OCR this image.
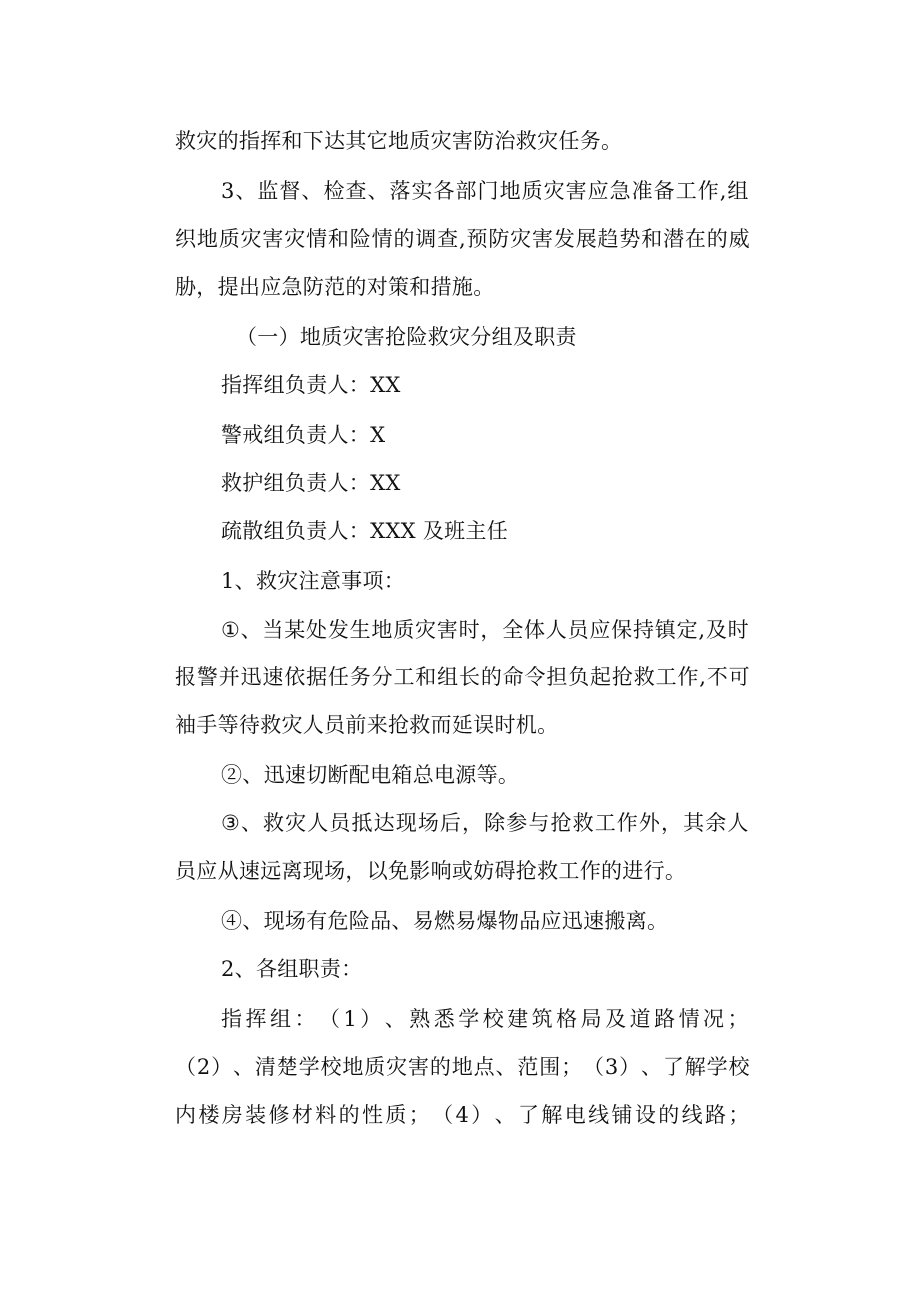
救灾的指挥和下达其它地质灾害防治救灾任务。
3 、 监 督 、 检 查 、 落 实 各 部 门 地 质 灾 害 应 急 准 备 工 作 , 组
织 地 质 灾 害 灾 情 和 险 情 的 调 查 , 预 防 灾 害 发 展 趋 势 和 潜 在 的 威
胁，提出应急防范的对策和措施。
（一）地质灾害抢险救灾分组及职责
指挥组负责人：XX
警戒组负责人：X
救护组负责人：XX
疏散组负责人：XXX 及班主任
1、救灾注意事项：
① 、 当 某 处 发 生 地 质 灾 害 时 ， 全 体 人 员 应 保 持 镇 定 , 及 时
报 警 并 迅 速 依 据 任 务 分 工 和 组 长 的 命 令 担 负 起 抢 救 工 作 , 不 可
袖手等待救灾人员前来抢救而延误时机。
②、迅速切断配电箱总电源等。
③ 、 救 灾 人 员 抵 达 现 场 后 ， 除 参 与 抢 救 工 作 外 ， 其 余 人
员应从速远离现场，以免影响或妨碍抢救工作的进行。
④、现场有危险品、易燃易爆物品应迅速搬离。
2、各组职责：
指 挥 组 ： （ 1 ） 、 熟 悉 学 校 建 筑 格 局 及 道 路 情 况 ；
（ 2 ） 、 清 楚 学 校 地 质 灾 害 的 地 点 、 范 围 ； （ 3 ） 、 了 解 学 校
内 楼 房 装 修 材 料 的 性 质 ； （ 4 ） 、 了 解 电 线 铺 设 的 线 路 ；
